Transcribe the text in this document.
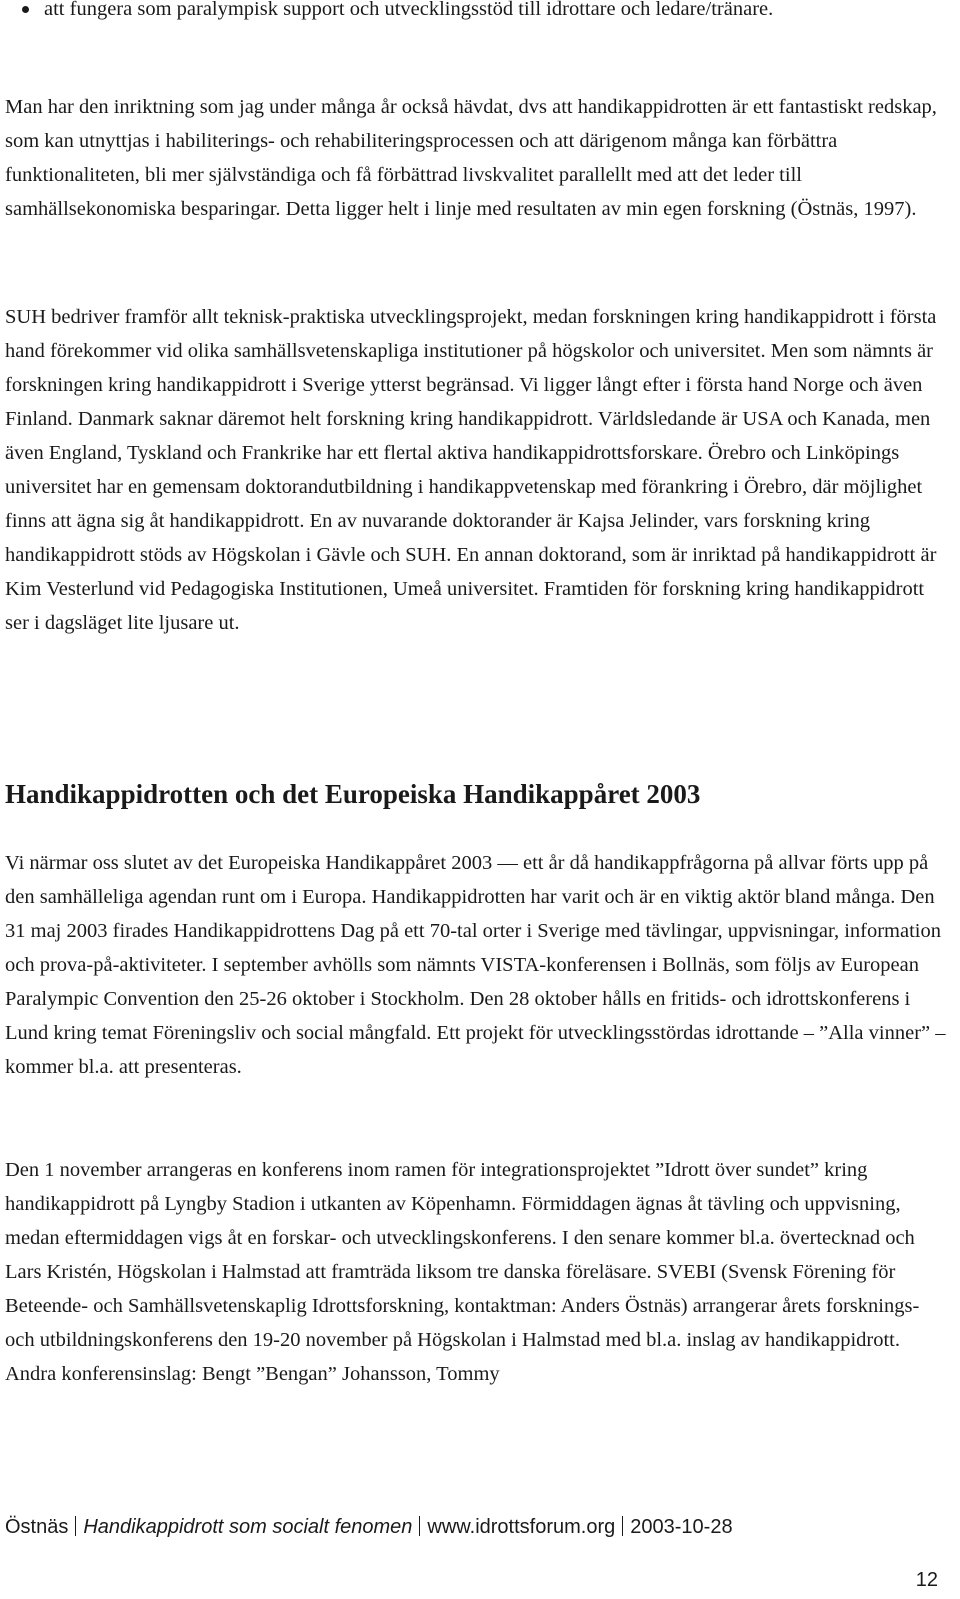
att fungera som paralympisk support och utvecklingsstöd till idrottare och ledare/tränare.

Man har den inriktning som jag under många år också hävdat, dvs att handikappidrotten är ett fantastiskt redskap, som kan utnyttjas i habiliterings- och rehabiliteringsprocessen och att därigenom många kan förbättra funktionaliteten, bli mer självständiga och få förbättrad livskvalitet parallellt med att det leder till samhällsekonomiska besparingar. Detta ligger helt i linje med resultaten av min egen forskning (Östnäs, 1997).

SUH bedriver framför allt teknisk-praktiska utvecklingsprojekt, medan forskningen kring handikappidrott i första hand förekommer vid olika samhällsvetenskapliga institutioner på högskolor och universitet. Men som nämnts är forskningen kring handikappidrott i Sverige ytterst begränsad. Vi ligger långt efter i första hand Norge och även Finland. Danmark saknar däremot helt forskning kring handikappidrott. Världsledande är USA och Kanada, men även England, Tyskland och Frankrike har ett flertal aktiva handikappidrottsforskare. Örebro och Linköpings universitet har en gemensam doktorandutbildning i handikappvetenskap med förankring i Örebro, där möjlighet finns att ägna sig åt handikappidrott. En av nuvarande doktorander är Kajsa Jelinder, vars forskning kring handikappidrott stöds av Högskolan i Gävle och SUH. En annan doktorand, som är inriktad på handikappidrott är Kim Vesterlund vid Pedagogiska Institutionen, Umeå universitet. Framtiden för forskning kring handikappidrott ser i dagsläget lite ljusare ut.

Handikappidrotten och det Europeiska Handikappåret 2003

Vi närmar oss slutet av det Europeiska Handikappåret 2003 — ett år då handikappfrågorna på allvar förts upp på den samhälleliga agendan runt om i Europa. Handikappidrotten har varit och är en viktig aktör bland många. Den 31 maj 2003 firades Handikappidrottens Dag på ett 70-tal orter i Sverige med tävlingar, uppvisningar, information och prova-på-aktiviteter. I september avhölls som nämnts VISTA-konferensen i Bollnäs, som följs av European Paralympic Convention den 25-26 oktober i Stockholm. Den 28 oktober hålls en fritids- och idrottskonferens i Lund kring temat Föreningsliv och social mångfald. Ett projekt för utvecklingsstördas idrottande – ”Alla vinner” – kommer bl.a. att presenteras.

Den 1 november arrangeras en konferens inom ramen för integrationsprojektet ”Idrott över sundet” kring handikappidrott på Lyngby Stadion i utkanten av Köpenhamn. Förmiddagen ägnas åt tävling och uppvisning, medan eftermiddagen vigs åt en forskar- och utvecklingskonferens. I den senare kommer bl.a. övertecknad och Lars Kristén, Högskolan i Halmstad att framträda liksom tre danska föreläsare. SVEBI (Svensk Förening för Beteende- och Samhällsvetenskaplig Idrottsforskning, kontaktman: Anders Östnäs) arrangerar årets forsknings- och utbildningskonferens den 19-20 november på Högskolan i Halmstad med bl.a. inslag av handikappidrott. Andra konferensinslag: Bengt ”Bengan” Johansson, Tommy

Östnäs Handikappidrott som socialt fenomen www.idrottsforum.org 2003-10-28
12
